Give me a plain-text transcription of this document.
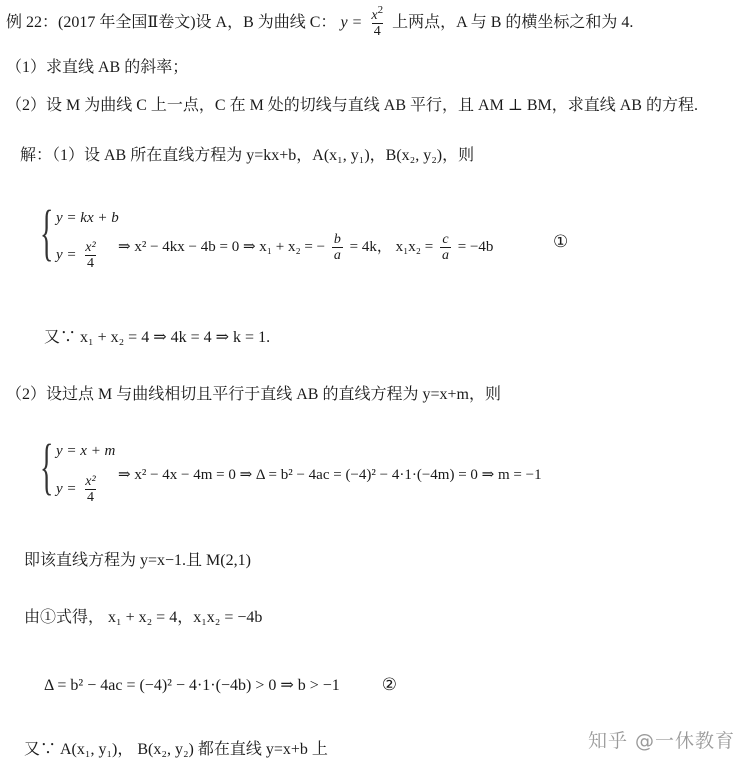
例 22：(2017 年全国Ⅱ卷文)设 A，B 为曲线 C： $y = \frac{x^2}{4}$ 上两点，A 与 B 的横坐标之和为 4.
（1）求直线 AB 的斜率；
（2）设 M 为曲线 C 上一点，C 在 M 处的切线与直线 AB 平行，且 AM ⊥ BM，求直线 AB 的方程.
解：（1）设 AB 所在直线方程为 y=kx+b，A(x₁, y₁)，B(x₂, y₂)，则
{ y = kx + b
$y = \frac{\text{x²}}{4}$ ⇒ x² − 4kx − 4b = 0 ⇒ x₁ + x₂ = − $\frac{b}{a} = 4k$， $x_1x_2 = \frac{c}{a} = -4b$	①
又∵ x₁ + x₂ = 4 ⇒ 4k = 4 ⇒ k = 1.
（2）设过点 M 与曲线相切且平行于直线 AB 的直线方程为 y=x+m，则
{ y = x + m
$y = \frac{\text{x²}}{4}$ ⇒ x² − 4x − 4m = 0 ⇒ Δ = b² − 4ac = (−4)² − 4·1·(−4m) = 0 ⇒ m = −1
即该直线方程为 y=x−1.且 M(2,1)
由①式得， x₁ + x₂ = 4，x₁x₂ = −4b
Δ = b² − 4ac = (−4)² − 4·1·(−4b) > 0 ⇒ b > −1 ②
又∵ A(x₁, y₁)， B(x₂, y₂) 都在直线 y=x+b 上	知乎 @一休教育
